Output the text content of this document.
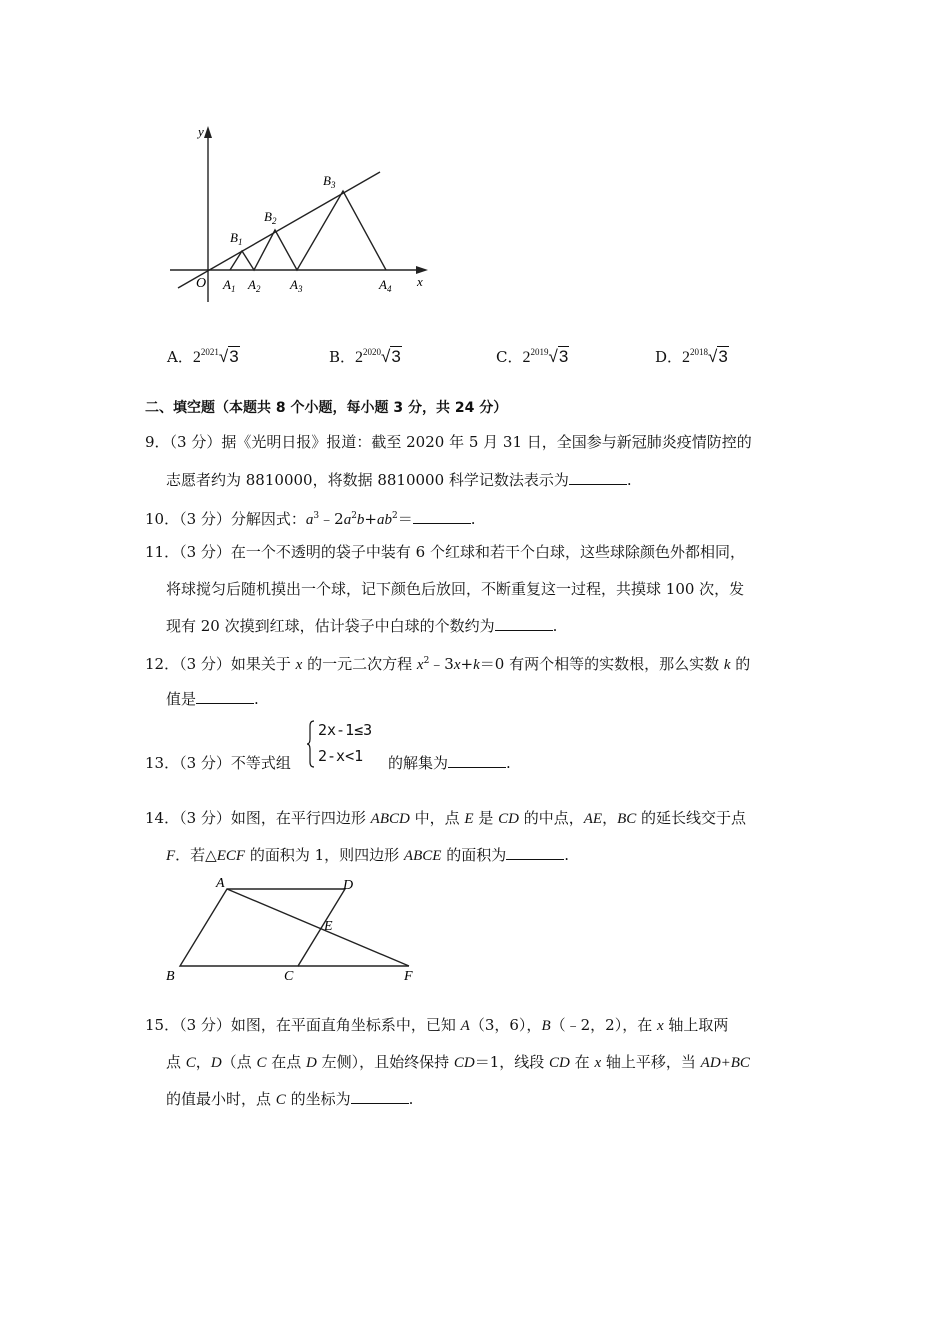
y
x
O $A_1$ $A_2$ $A_3$	$A_4$
$B_1$
$B_2$
$B_3$
A．$2^{2021}√3$	B．$2^{2020}√3$	C．$2^{2019}√3$	D．$2^{2018}√3$
二、填空题（本题共 8 个小题，每小题 3 分，共 24 分）
9．（3 分）据《光明日报》报道：截至 2020 年 5 月 31 日，全国参与新冠肺炎疫情防控的
志愿者约为 8810000，将数据 8810000 科学记数法表示为	.
10．（3 分）分解因式：$a^3﹣2a^2b+ab^2=$	.
11．（3 分）在一个不透明的袋子中装有 6 个红球和若干个白球，这些球除颜色外都相同，
将球搅匀后随机摸出一个球，记下颜色后放回，不断重复这一过程，共摸球 100 次，发
现有 20 次摸到红球，估计袋子中白球的个数约为	.
12．（3 分）如果关于 x 的一元二次方程 $x^2﹣3x+k=0$ 有两个相等的实数根，那么实数 k 的
值是	.
13．（3 分）不等式组
2x-1≤3
2-x<1 的解集为	.
14．（3 分）如图，在平行四边形 ABCD 中，点 E 是 CD 的中点，AE，BC 的延长线交于点
F．若△ECF 的面积为 1，则四边形 ABCE 的面积为	.
A	D
E
B	C	F
15．（3 分）如图，在平面直角坐标系中，已知 A（3，6），B（﹣2，2），在 x 轴上取两
点 C，D（点 C 在点 D 左侧），且始终保持 CD＝1，线段 CD 在 x 轴上平移，当 AD+BC
的值最小时，点 C 的坐标为	.
